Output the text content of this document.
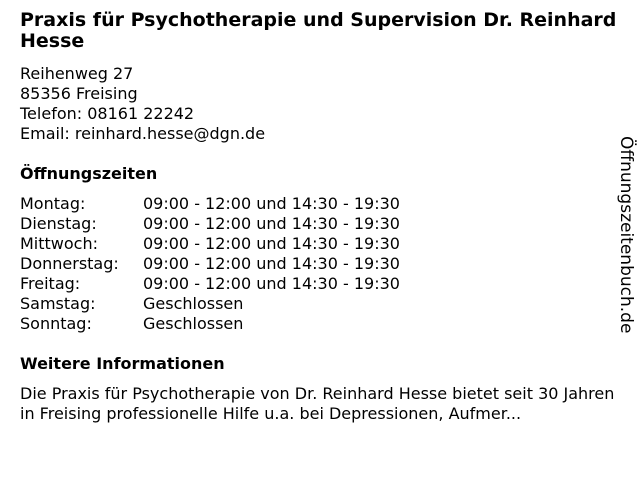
Praxis für Psychotherapie und Supervision Dr. Reinhard Hesse
Reihenweg 27
85356 Freising
Telefon: 08161 22242
Email: reinhard.hesse@dgn.de
Öffnungszeiten
Montag:	09:00 - 12:00 und 14:30 - 19:30
Dienstag:	09:00 - 12:00 und 14:30 - 19:30
Mittwoch:	09:00 - 12:00 und 14:30 - 19:30
Donnerstag:	09:00 - 12:00 und 14:30 - 19:30
Freitag:	09:00 - 12:00 und 14:30 - 19:30
Samstag:	Geschlossen
Sonntag:	Geschlossen
Weitere Informationen
Die Praxis für Psychotherapie von Dr. Reinhard Hesse bietet seit 30 Jahren in Freising professionelle Hilfe u.a. bei Depressionen, Aufmer...
Öffnungszeitenbuch.de
